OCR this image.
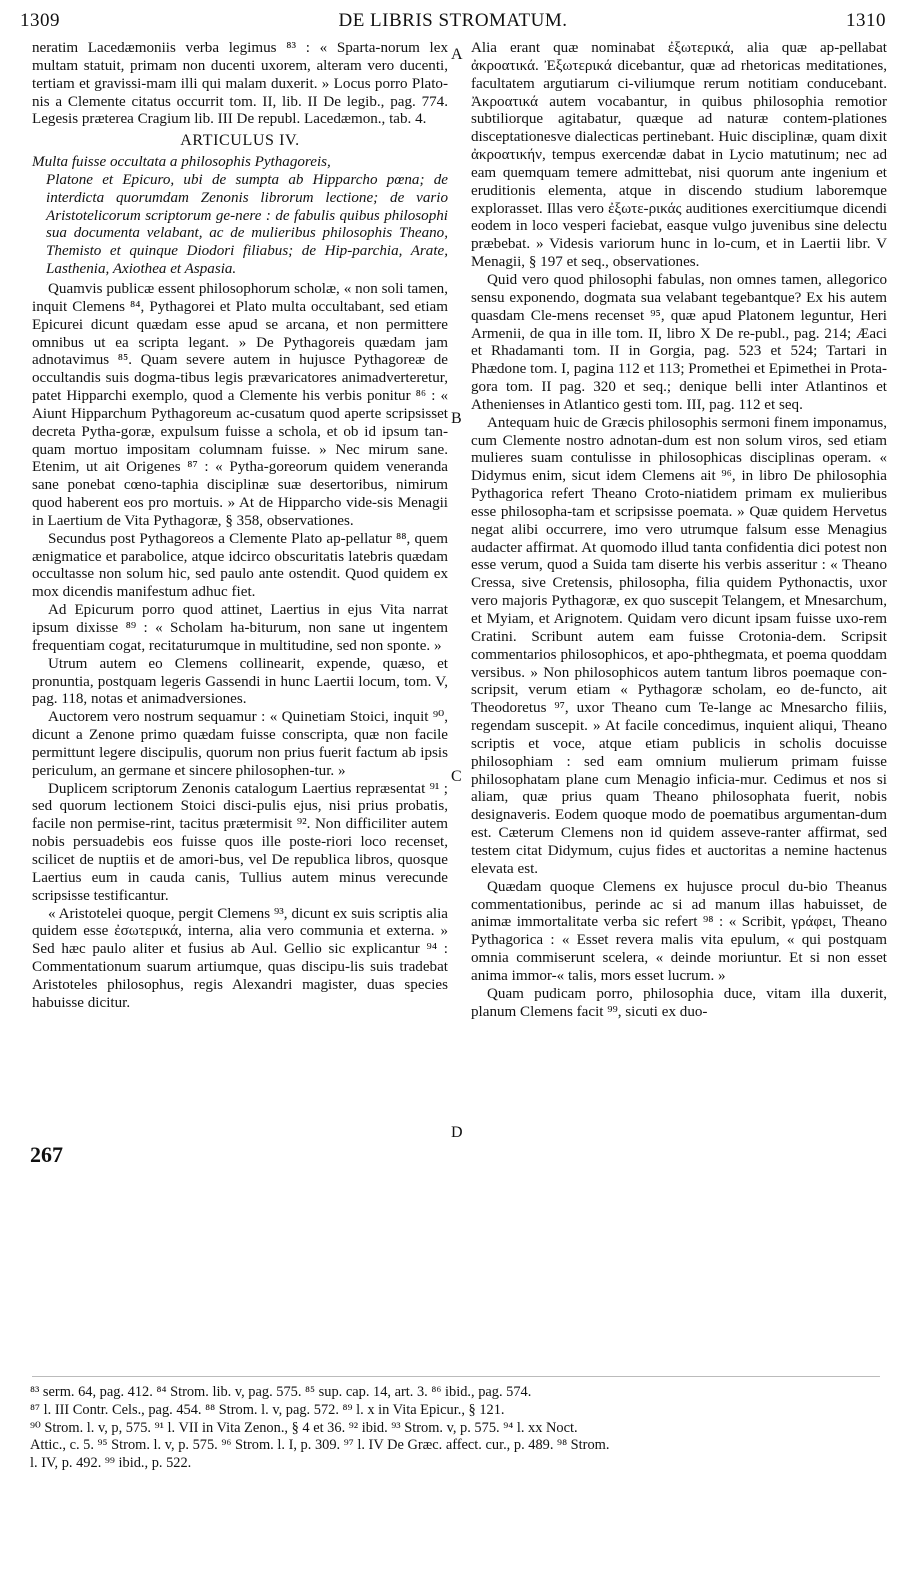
1309	DE LIBRIS STROMATUM.	1310
A
B
C
D
267

neratim Lacedæmoniis verba legimus ⁸³ : « Sparta-norum lex multam statuit, primam non ducenti uxorem, alteram vero ducenti, tertiam et gravissi-mam illi qui malam duxerit. » Locus porro Plato-nis a Clemente citatus occurrit tom. II, lib. II De legib., pag. 774. Legesis præterea Cragium lib. III De republ. Lacedæmon., tab. 4.

ARTICULUS IV.
Multa fuisse occultata a philosophis Pythagoreis,
Platone et Epicuro, ubi de sumpta ab Hipparcho pœna; de interdicta quorumdam Zenonis librorum lectione; de vario Aristotelicorum scriptorum ge-nere : de fabulis quibus philosophi sua documenta velabant, ac de mulieribus philosophis Theano, Themisto et quinque Diodori filiabus; de Hip-parchia, Arate, Lasthenia, Axiothea et Aspasia.

Quamvis publicæ essent philosophorum scholæ, « non soli tamen, inquit Clemens ⁸⁴, Pythagorei et Plato multa occultabant, sed etiam Epicurei dicunt quædam esse apud se arcana, et non permittere omnibus ut ea scripta legant. » De Pythagoreis quædam jam adnotavimus ⁸⁵. Quam severe autem in hujusce Pythagoreæ de occultandis suis dogma-tibus legis prævaricatores animadverteretur, patet Hipparchi exemplo, quod a Clemente his verbis ponitur ⁸⁶ : « Aiunt Hipparchum Pythagoreum ac-cusatum quod aperte scripsisset decreta Pytha-goræ, expulsum fuisse a schola, et ob id ipsum tan-quam mortuo impositam columnam fuisse. » Nec mirum sane. Etenim, ut ait Origenes ⁸⁷ : « Pytha-goreorum quidem veneranda sane ponebat cœno-taphia disciplinæ suæ desertoribus, nimirum quod haberent eos pro mortuis. » At de Hipparcho vide-sis Menagii in Laertium de Vita Pythagoræ, § 358, observationes.

Secundus post Pythagoreos a Clemente Plato ap-pellatur ⁸⁸, quem ænigmatice et parabolice, atque idcirco obscuritatis latebris quædam occultasse non solum hic, sed paulo ante ostendit. Quod quidem ex mox dicendis manifestum adhuc fiet.

Ad Epicurum porro quod attinet, Laertius in ejus Vita narrat ipsum dixisse ⁸⁹ : « Scholam ha-biturum, non sane ut ingentem frequentiam cogat, recitaturumque in multitudine, sed non sponte. »

Utrum autem eo Clemens collinearit, expende, quæso, et pronuntia, postquam legeris Gassendi in hunc Laertii locum, tom. V, pag. 118, notas et animadversiones.

Auctorem vero nostrum sequamur : « Quinetiam Stoici, inquit ⁹⁰, dicunt a Zenone primo quædam fuisse conscripta, quæ non facile permittunt legere discipulis, quorum non prius fuerit factum ab ipsis periculum, an germane et sincere philosophen-tur. »

Duplicem scriptorum Zenonis catalogum Laertius repræsentat ⁹¹ ; sed quorum lectionem Stoici disci-pulis ejus, nisi prius probatis, facile non permise-rint, tacitus prætermisit ⁹². Non difficiliter autem nobis persuadebis eos fuisse quos ille poste-riori loco recenset, scilicet de nuptiis et de amori-bus, vel De republica libros, quosque Laertius eum in cauda canis, Tullius autem minus verecunde scripsisse testificantur.

« Aristotelei quoque, pergit Clemens ⁹³, dicunt ex suis scriptis alia quidem esse ἐσωτερικά, interna, alia vero communia et externa. » Sed hæc paulo aliter et fusius ab Aul. Gellio sic explicantur ⁹⁴ : Commentationum suarum artiumque, quas discipu-lis suis tradebat Aristoteles philosophus, regis Alexandri magister, duas species habuisse dicitur.

Alia erant quæ nominabat ἐξωτερικά, alia quæ ap-pellabat ἀκροατικά. Ἐξωτερικά dicebantur, quæ ad rhetoricas meditationes, facultatem argutiarum ci-viliumque rerum notitiam conducebant. Ἀκροατικά autem vocabantur, in quibus philosophia remotior subtiliorque agitabatur, quæque ad naturæ contem-plationes disceptationesve dialecticas pertinebant. Huic disciplinæ, quam dixit ἀκροατικήν, tempus exercendæ dabat in Lycio matutinum; nec ad eam quemquam temere admittebat, nisi quorum ante ingenium et eruditionis elementa, atque in discendo studium laboremque explorasset. Illas vero ἐξωτε-ρικάς auditiones exercitiumque dicendi eodem in loco vesperi faciebat, easque vulgo juvenibus sine delectu præbebat. » Videsis variorum hunc in lo-cum, et in Laertii libr. V Menagii, § 197 et seq., observationes.

Quid vero quod philosophi fabulas, non omnes tamen, allegorico sensu exponendo, dogmata sua velabant tegebantque? Ex his autem quasdam Cle-mens recenset ⁹⁵, quæ apud Platonem leguntur, Heri Armenii, de qua in ille tom. II, libro X De re-publ., pag. 214; Æaci et Rhadamanti tom. II in Gorgia, pag. 523 et 524; Tartari in Phædone tom. I, pagina 112 et 113; Promethei et Epimethei in Prota-gora tom. II pag. 320 et seq.; denique belli inter Atlantinos et Athenienses in Atlantico gesti tom. III, pag. 112 et seq.

Antequam huic de Græcis philosophis sermoni finem imponamus, cum Clemente nostro adnotan-dum est non solum viros, sed etiam mulieres suam contulisse in philosophicas disciplinas operam. « Didymus enim, sicut idem Clemens ait ⁹⁶, in libro De philosophia Pythagorica refert Theano Croto-niatidem primam ex mulieribus esse philosopha-tam et scripsisse poemata. » Quæ quidem Hervetus negat alibi occurrere, imo vero utrumque falsum esse Menagius audacter affirmat. At quomodo illud tanta confidentia dici potest non esse verum, quod a Suida tam diserte his verbis asseritur : « Theano Cressa, sive Cretensis, philosopha, filia quidem Pythonactis, uxor vero majoris Pythagoræ, ex quo suscepit Telangem, et Mnesarchum, et Myiam, et Arignotem. Quidam vero dicunt ipsam fuisse uxo-rem Cratini. Scribunt autem eam fuisse Crotonia-dem. Scripsit commentarios philosophicos, et apo-phthegmata, et poema quoddam versibus. » Non philosophicos autem tantum libros poemaque con-scripsit, verum etiam « Pythagoræ scholam, eo de-functo, ait Theodoretus ⁹⁷, uxor Theano cum Te-lange ac Mnesarcho filiis, regendam suscepit. » At facile concedimus, inquient aliqui, Theano scriptis et voce, atque etiam publicis in scholis docuisse philosophiam : sed eam omnium mulierum primam fuisse philosophatam plane cum Menagio inficia-mur. Cedimus et nos si aliam, quæ prius quam Theano philosophata fuerit, nobis designaveris. Eodem quoque modo de poematibus argumentan-dum est. Cæterum Clemens non id quidem asseve-ranter affirmat, sed testem citat Didymum, cujus fides et auctoritas a nemine hactenus elevata est.

Quædam quoque Clemens ex hujusce procul du-bio Theanus commentationibus, perinde ac si ad manum illas habuisset, de animæ immortalitate verba sic refert ⁹⁸ : « Scribit, γράφει, Theano Pythagorica : « Esset revera malis vita epulum, « qui postquam omnia commiserunt scelera, « deinde moriuntur. Et si non esset anima immor-« talis, mors esset lucrum. »

Quam pudicam porro, philosophia duce, vitam illa duxerit, planum Clemens facit ⁹⁹, sicuti ex duo-

⁸³ serm. 64, pag. 412. ⁸⁴ Strom. lib. v, pag. 575. ⁸⁵ sup. cap. 14, art. 3. ⁸⁶ ibid., pag. 574.

⁸⁷ l. III Contr. Cels., pag. 454. ⁸⁸ Strom. l. v, pag. 572. ⁸⁹ l. x in Vita Epicur., § 121.

⁹⁰ Strom. l. v, p, 575. ⁹¹ l. VII in Vita Zenon., § 4 et 36. ⁹² ibid. ⁹³ Strom. v, p. 575. ⁹⁴ l. xx Noct.

Attic., c. 5. ⁹⁵ Strom. l. v, p. 575. ⁹⁶ Strom. l. I, p. 309. ⁹⁷ l. IV De Græc. affect. cur., p. 489. ⁹⁸ Strom.

l. IV, p. 492. ⁹⁹ ibid., p. 522.
